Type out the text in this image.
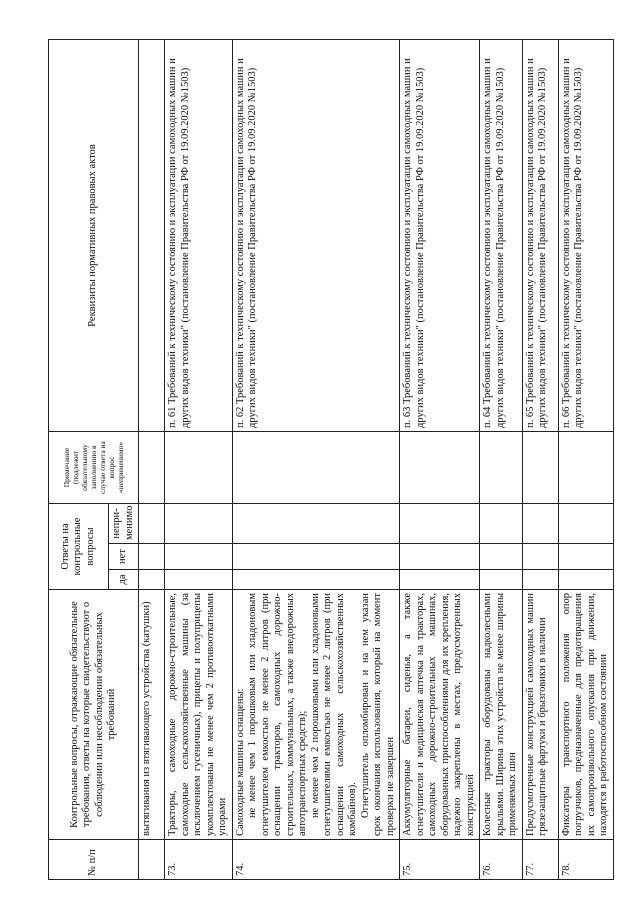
№ п/п	Контрольные вопросы, отражающие обязательные требования, ответы на которые свидетельствуют о соблюдении или несоблюдении обязательных требований	Ответы на контрольные вопросы			Примечание (подлежит обязательному заполнению в случае ответа на вопрос «неприменимо»	Реквизиты нормативных правовых актов
		да	нет	непри-менимо		

	вытягивания из втягивающего устройства (катушки)					

73.	Тракторы, самоходные дорожно-строительные, самоходные сельскохозяйственные машины (за исключением гусеничных), прицепы и полуприцепы укомплектованы не менее чем 2 противооткатными упорами					п. 61 Требований к техническому состоянию и эксплуатации самоходных машин и других видов техники" (постановление Правительства РФ от 19.09.2020 №1503)
74.	Самоходные машины оснащены: не менее чем 1 порошковым или хладоновым огнетушителем емкостью не менее 2 литров (при оснащении тракторов, самоходных дорожно-строительных, коммунальных, а также внедорожных автотранспортных средств); не менее чем 2 порошковыми или хладоновыми огнетушителями емкостью не менее 2 литров (при оснащении самоходных сельскохозяйственных комбайнов). Огнетушитель опломбирован и на нем указан срок окончания использования, который на момент проверки не завершен					п. 62 Требований к техническому состоянию и эксплуатации самоходных машин и других видов техники" (постановление Правительства РФ от 19.09.2020 №1503)
75.	Аккумуляторные батареи, сиденья, а также огнетушители и медицинская аптечка на тракторах, самоходных дорожно-строительных машинах, оборудованных приспособлениями для их крепления, надежно закреплены в местах, предусмотренных конструкцией					п. 63 Требований к техническому состоянию и эксплуатации самоходных машин и других видов техники" (постановление Правительства РФ от 19.09.2020 №1503)
76.	Колесные тракторы оборудованы надколесными крыльями. Ширина этих устройств не менее ширины применяемых шин					п. 64 Требований к техническому состоянию и эксплуатации самоходных машин и других видов техники" (постановление Правительства РФ от 19.09.2020 №1503)
77.	Предусмотренные конструкцией самоходных машин грязезащитные фартуки и брызговики в наличии					п. 65 Требований к техническому состоянию и эксплуатации самоходных машин и других видов техники" (постановление Правительства РФ от 19.09.2020 №1503)
78.	Фиксаторы транспортного положения опор погрузчиков, предназначенные для предотвращения их самопроизвольного опускания при движении, находятся в работоспособном состоянии					п. 66 Требований к техническому состоянию и эксплуатации самоходных машин и других видов техники" (постановление Правительства РФ от 19.09.2020 №1503)
